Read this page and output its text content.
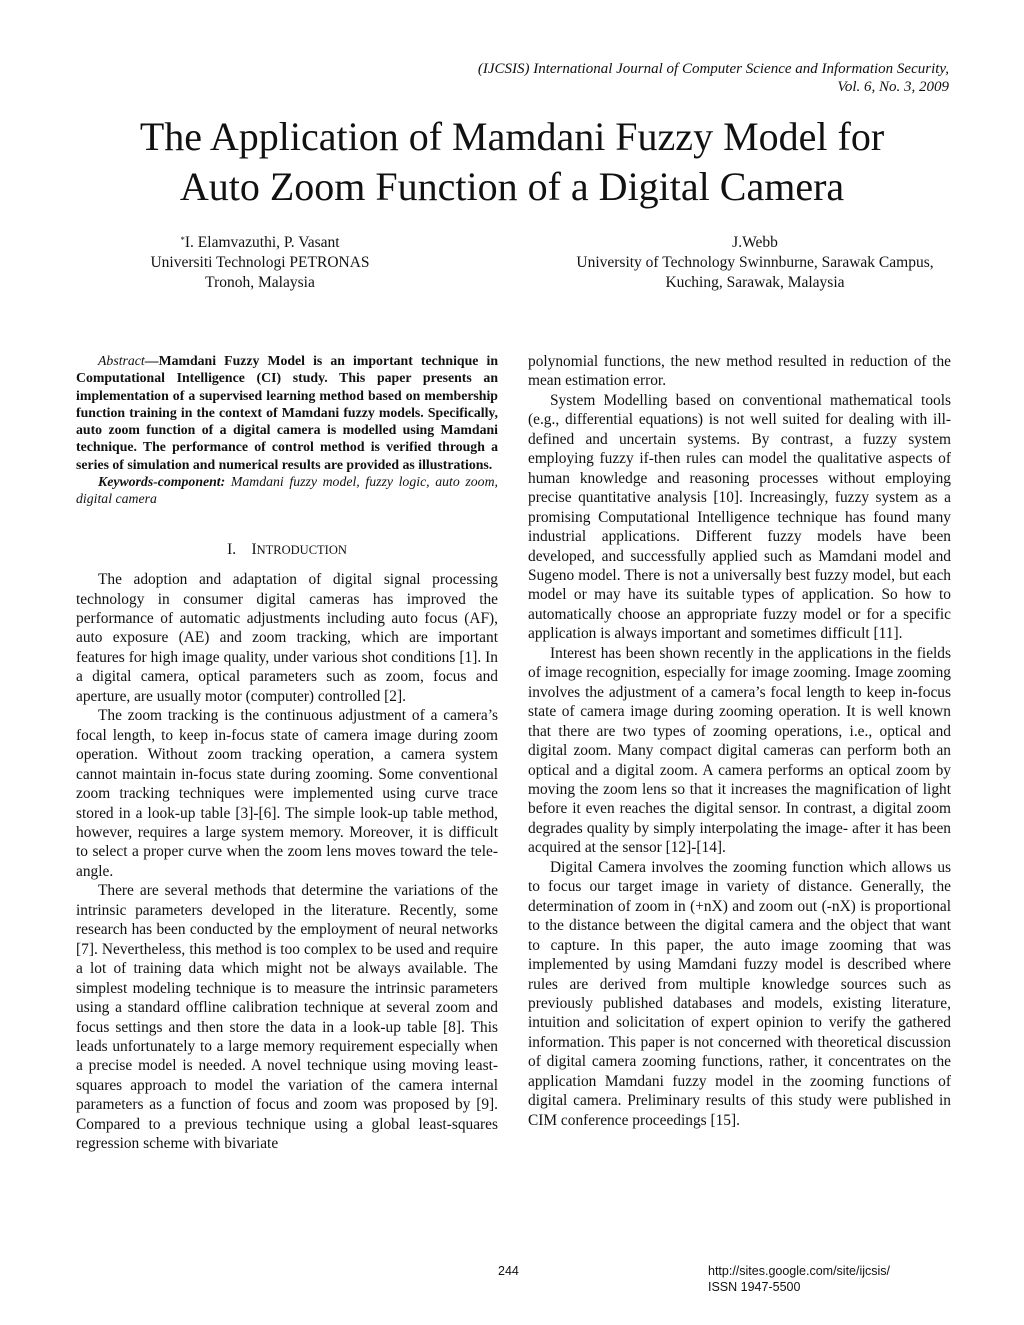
(IJCSIS) International Journal of Computer Science and Information Security,
Vol. 6, No. 3, 2009
The Application of Mamdani Fuzzy Model for
Auto Zoom Function of a Digital Camera
*I. Elamvazuthi, P. Vasant
Universiti Technologi PETRONAS
Tronoh, Malaysia
J.Webb
University of Technology Swinnburne, Sarawak Campus,
Kuching, Sarawak, Malaysia

Abstract—Mamdani Fuzzy Model is an important technique in Computational Intelligence (CI) study. This paper presents an implementation of a supervised learning method based on membership function training in the context of Mamdani fuzzy models. Specifically, auto zoom function of a digital camera is modelled using Mamdani technique. The performance of control method is verified through a series of simulation and numerical results are provided as illustrations.

Keywords-component: Mamdani fuzzy model, fuzzy logic, auto zoom, digital camera

I. INTRODUCTION

The adoption and adaptation of digital signal processing technology in consumer digital cameras has improved the performance of automatic adjustments including auto focus (AF), auto exposure (AE) and zoom tracking, which are important features for high image quality, under various shot conditions [1]. In a digital camera, optical parameters such as zoom, focus and aperture, are usually motor (computer) controlled [2].

The zoom tracking is the continuous adjustment of a camera’s focal length, to keep in-focus state of camera image during zoom operation. Without zoom tracking operation, a camera system cannot maintain in-focus state during zooming. Some conventional zoom tracking techniques were implemented using curve trace stored in a look-up table [3]-[6]. The simple look-up table method, however, requires a large system memory. Moreover, it is difficult to select a proper curve when the zoom lens moves toward the tele-angle.

There are several methods that determine the variations of the intrinsic parameters developed in the literature. Recently, some research has been conducted by the employment of neural networks [7]. Nevertheless, this method is too complex to be used and require a lot of training data which might not be always available. The simplest modeling technique is to measure the intrinsic parameters using a standard offline calibration technique at several zoom and focus settings and then store the data in a look-up table [8]. This leads unfortunately to a large memory requirement especially when a precise model is needed. A novel technique using moving least-squares approach to model the variation of the camera internal parameters as a function of focus and zoom was proposed by [9]. Compared to a previous technique using a global least-squares regression scheme with bivariate

polynomial functions, the new method resulted in reduction of the mean estimation error.

System Modelling based on conventional mathematical tools (e.g., differential equations) is not well suited for dealing with ill-defined and uncertain systems. By contrast, a fuzzy system employing fuzzy if-then rules can model the qualitative aspects of human knowledge and reasoning processes without employing precise quantitative analysis [10]. Increasingly, fuzzy system as a promising Computational Intelligence technique has found many industrial applications. Different fuzzy models have been developed, and successfully applied such as Mamdani model and Sugeno model. There is not a universally best fuzzy model, but each model or may have its suitable types of application. So how to automatically choose an appropriate fuzzy model or for a specific application is always important and sometimes difficult [11].

Interest has been shown recently in the applications in the fields of image recognition, especially for image zooming. Image zooming involves the adjustment of a camera’s focal length to keep in-focus state of camera image during zooming operation. It is well known that there are two types of zooming operations, i.e., optical and digital zoom. Many compact digital cameras can perform both an optical and a digital zoom. A camera performs an optical zoom by moving the zoom lens so that it increases the magnification of light before it even reaches the digital sensor. In contrast, a digital zoom degrades quality by simply interpolating the image- after it has been acquired at the sensor [12]-[14].

Digital Camera involves the zooming function which allows us to focus our target image in variety of distance. Generally, the determination of zoom in (+nX) and zoom out (-nX) is proportional to the distance between the digital camera and the object that want to capture. In this paper, the auto image zooming that was implemented by using Mamdani fuzzy model is described where rules are derived from multiple knowledge sources such as previously published databases and models, existing literature, intuition and solicitation of expert opinion to verify the gathered information. This paper is not concerned with theoretical discussion of digital camera zooming functions, rather, it concentrates on the application Mamdani fuzzy model in the zooming functions of digital camera. Preliminary results of this study were published in CIM conference proceedings [15].

244	http://sites.google.com/site/ijcsis/
ISSN 1947-5500
